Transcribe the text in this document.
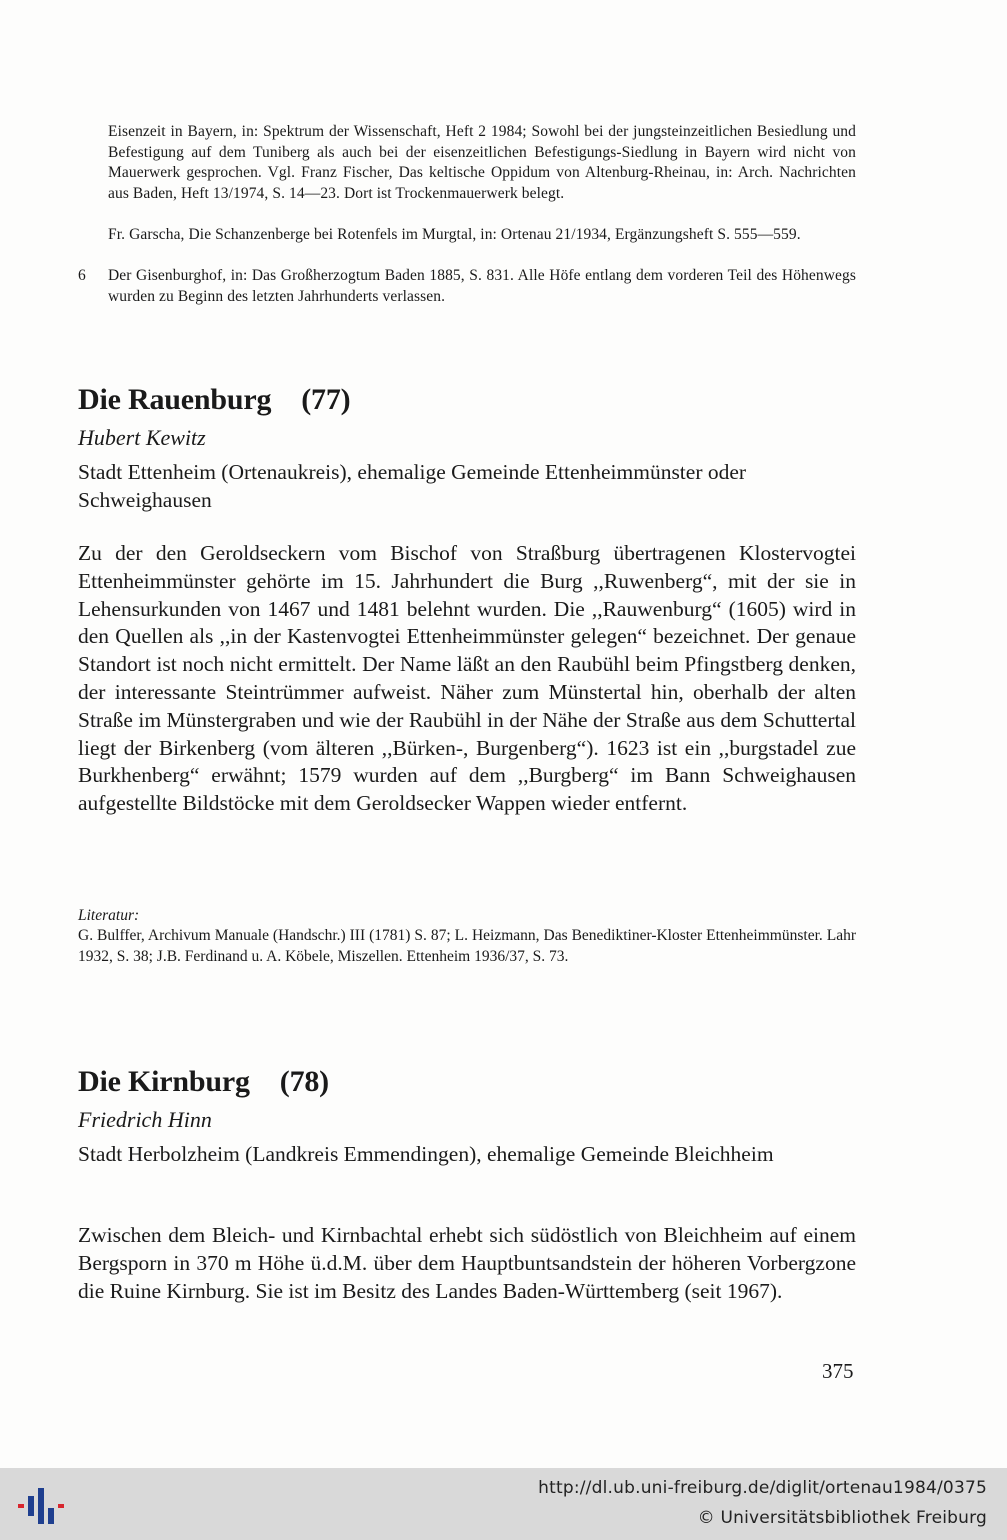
Eisenzeit in Bayern, in: Spektrum der Wissenschaft, Heft 2 1984; Sowohl bei der jungsteinzeitlichen Besiedlung und Befestigung auf dem Tuniberg als auch bei der eisenzeitlichen Befestigungs-Siedlung in Bayern wird nicht von Mauerwerk gesprochen. Vgl. Franz Fischer, Das keltische Oppidum von Altenburg-Rheinau, in: Arch. Nachrichten aus Baden, Heft 13/1974, S. 14—23. Dort ist Trockenmauerwerk belegt.
Fr. Garscha, Die Schanzenberge bei Rotenfels im Murgtal, in: Ortenau 21/1934, Ergänzungsheft S. 555—559.
6 Der Gisenburghof, in: Das Großherzogtum Baden 1885, S. 831. Alle Höfe entlang dem vorderen Teil des Höhenwegs wurden zu Beginn des letzten Jahrhunderts verlassen.
Die Rauenburg (77)
Hubert Kewitz
Stadt Ettenheim (Ortenaukreis), ehemalige Gemeinde Ettenheimmünster oder Schweighausen
Zu der den Geroldseckern vom Bischof von Straßburg übertragenen Klostervogtei Ettenheimmünster gehörte im 15. Jahrhundert die Burg ,,Ruwenberg“, mit der sie in Lehensurkunden von 1467 und 1481 belehnt wurden. Die ,,Rauwenburg“ (1605) wird in den Quellen als ,,in der Kastenvogtei Ettenheimmünster gelegen“ bezeichnet. Der genaue Standort ist noch nicht ermittelt. Der Name läßt an den Raubühl beim Pfingstberg denken, der interessante Steintrümmer aufweist. Näher zum Münstertal hin, oberhalb der alten Straße im Münstergraben und wie der Raubühl in der Nähe der Straße aus dem Schuttertal liegt der Birkenberg (vom älteren ,,Bürken-, Burgenberg“). 1623 ist ein ,,burgstadel zue Burkhenberg“ erwähnt; 1579 wurden auf dem ,,Burgberg“ im Bann Schweighausen aufgestellte Bildstöcke mit dem Geroldsecker Wappen wieder entfernt.
Literatur:
G. Bulffer, Archivum Manuale (Handschr.) III (1781) S. 87; L. Heizmann, Das Benediktiner-Kloster Ettenheimmünster. Lahr 1932, S. 38; J.B. Ferdinand u. A. Köbele, Miszellen. Ettenheim 1936/37, S. 73.
Die Kirnburg (78)
Friedrich Hinn
Stadt Herbolzheim (Landkreis Emmendingen), ehemalige Gemeinde Bleichheim
Zwischen dem Bleich- und Kirnbachtal erhebt sich südöstlich von Bleichheim auf einem Bergsporn in 370 m Höhe ü.d.M. über dem Hauptbuntsandstein der höheren Vorbergzone die Ruine Kirnburg. Sie ist im Besitz des Landes Baden-Württemberg (seit 1967).
375
http://dl.ub.uni-freiburg.de/diglit/ortenau1984/0375
© Universitätsbibliothek Freiburg
